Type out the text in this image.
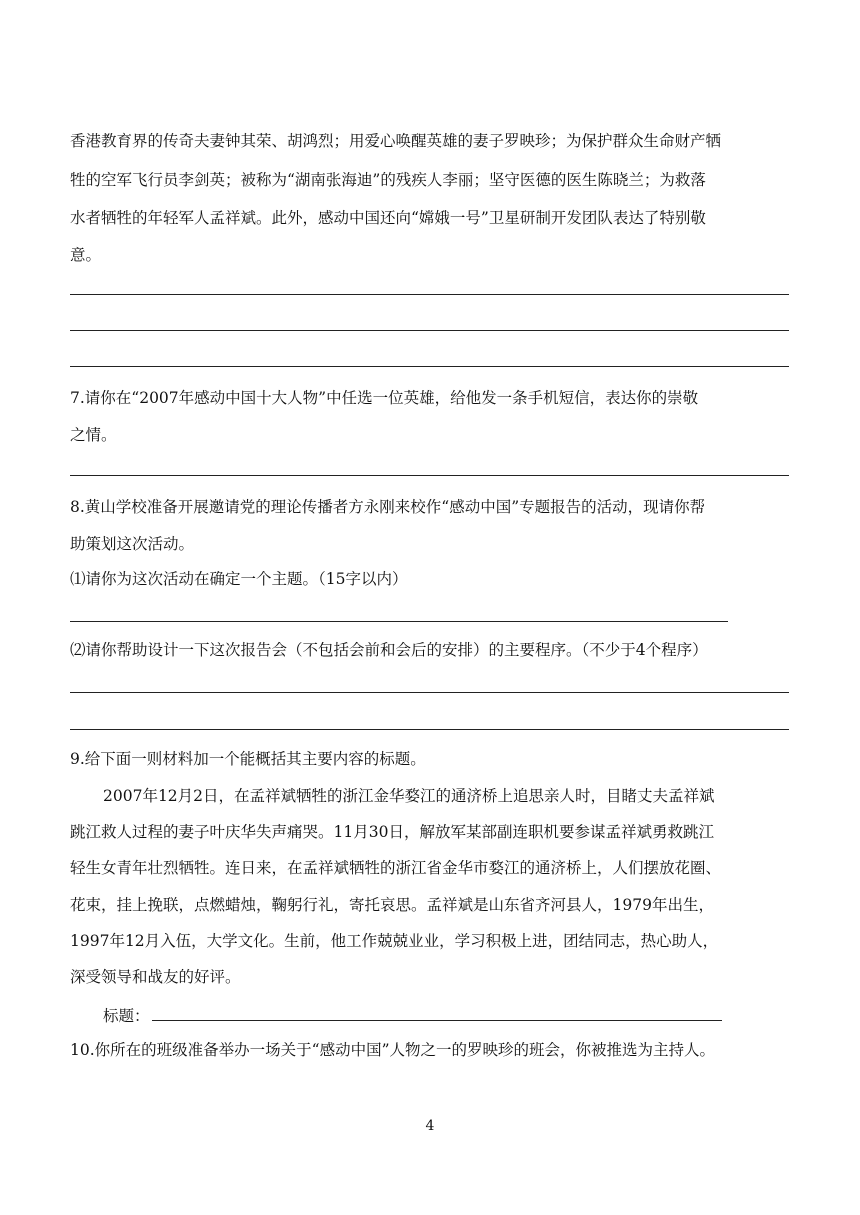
香港教育界的传奇夫妻钟其荣、胡鸿烈；用爱心唤醒英雄的妻子罗映珍；为保护群众生命财产牺
牲的空军飞行员李剑英；被称为“湖南张海迪”的残疾人李丽；坚守医德的医生陈晓兰；为救落
水者牺牲的年轻军人孟祥斌。此外，感动中国还向“嫦娥一号”卫星研制开发团队表达了特别敬
意。
7.请你在“2007年感动中国十大人物”中任选一位英雄，给他发一条手机短信，表达你的崇敬
之情。
8.黄山学校准备开展邀请党的理论传播者方永刚来校作“感动中国”专题报告的活动，现请你帮
助策划这次活动。
⑴请你为这次活动在确定一个主题。（15字以内）
⑵请你帮助设计一下这次报告会（不包括会前和会后的安排）的主要程序。（不少于4个程序）
9.给下面一则材料加一个能概括其主要内容的标题。
2007年12月2日，在孟祥斌牺牲的浙江金华婺江的通济桥上追思亲人时，目睹丈夫孟祥斌
跳江救人过程的妻子叶庆华失声痛哭。11月30日，解放军某部副连职机要参谋孟祥斌勇救跳江
轻生女青年壮烈牺牲。连日来，在孟祥斌牺牲的浙江省金华市婺江的通济桥上，人们摆放花圈、
花束，挂上挽联，点燃蜡烛，鞠躬行礼，寄托哀思。孟祥斌是山东省齐河县人，1979年出生，
1997年12月入伍，大学文化。生前，他工作兢兢业业，学习积极上进，团结同志，热心助人，
深受领导和战友的好评。
标题：
10.你所在的班级准备举办一场关于“感动中国”人物之一的罗映珍的班会，你被推选为主持人。
4
